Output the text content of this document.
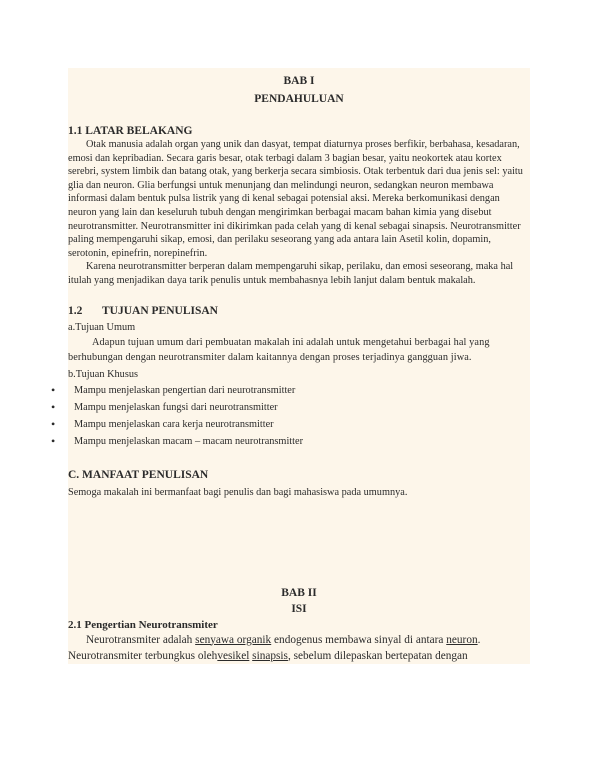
BAB I
PENDAHULUAN
1.1 LATAR BELAKANG

Otak manusia adalah organ yang unik dan dasyat, tempat diaturnya proses berfikir, berbahasa, kesadaran, emosi dan kepribadian. Secara garis besar, otak terbagi dalam 3 bagian besar, yaitu neokortek atau kortex serebri, system limbik dan batang otak, yang berkerja secara simbiosis. Otak terbentuk dari dua jenis sel: yaitu glia dan neuron. Glia berfungsi untuk menunjang dan melindungi neuron, sedangkan neuron membawa informasi dalam bentuk pulsa listrik yang di kenal sebagai potensial aksi. Mereka berkomunikasi dengan neuron yang lain dan keseluruh tubuh dengan mengirimkan berbagai macam bahan kimia yang disebut neurotransmitter. Neurotransmitter ini dikirimkan pada celah yang di kenal sebagai sinapsis. Neurotransmitter paling mempengaruhi sikap, emosi, dan perilaku seseorang yang ada antara lain Asetil kolin, dopamin, serotonin, epinefrin, norepinefrin.

Karena neurotransmitter berperan dalam mempengaruhi sikap, perilaku, dan emosi seseorang, maka hal itulah yang menjadikan daya tarik penulis untuk membahasnya lebih lanjut dalam bentuk makalah.

1.2 TUJUAN PENULISAN
a.Tujuan Umum

Adapun tujuan umum dari pembuatan makalah ini adalah untuk mengetahui berbagai hal yang berhubungan dengan neurotransmiter dalam kaitannya dengan proses terjadinya gangguan jiwa.

b.Tujuan Khusus
• Mampu menjelaskan pengertian dari neurotransmitter
• Mampu menjelaskan fungsi dari neurotransmitter
• Mampu menjelaskan cara kerja neurotransmitter
• Mampu menjelaskan macam – macam neurotransmitter
C. MANFAAT PENULISAN
Semoga makalah ini bermanfaat bagi penulis dan bagi mahasiswa pada umumnya.
BAB II
ISI
2.1 Pengertian Neurotransmiter

Neurotransmiter adalah senyawa organik endogenus membawa sinyal di antara neuron.

Neurotransmiter terbungkus olehvesikel sinapsis, sebelum dilepaskan bertepatan dengan
